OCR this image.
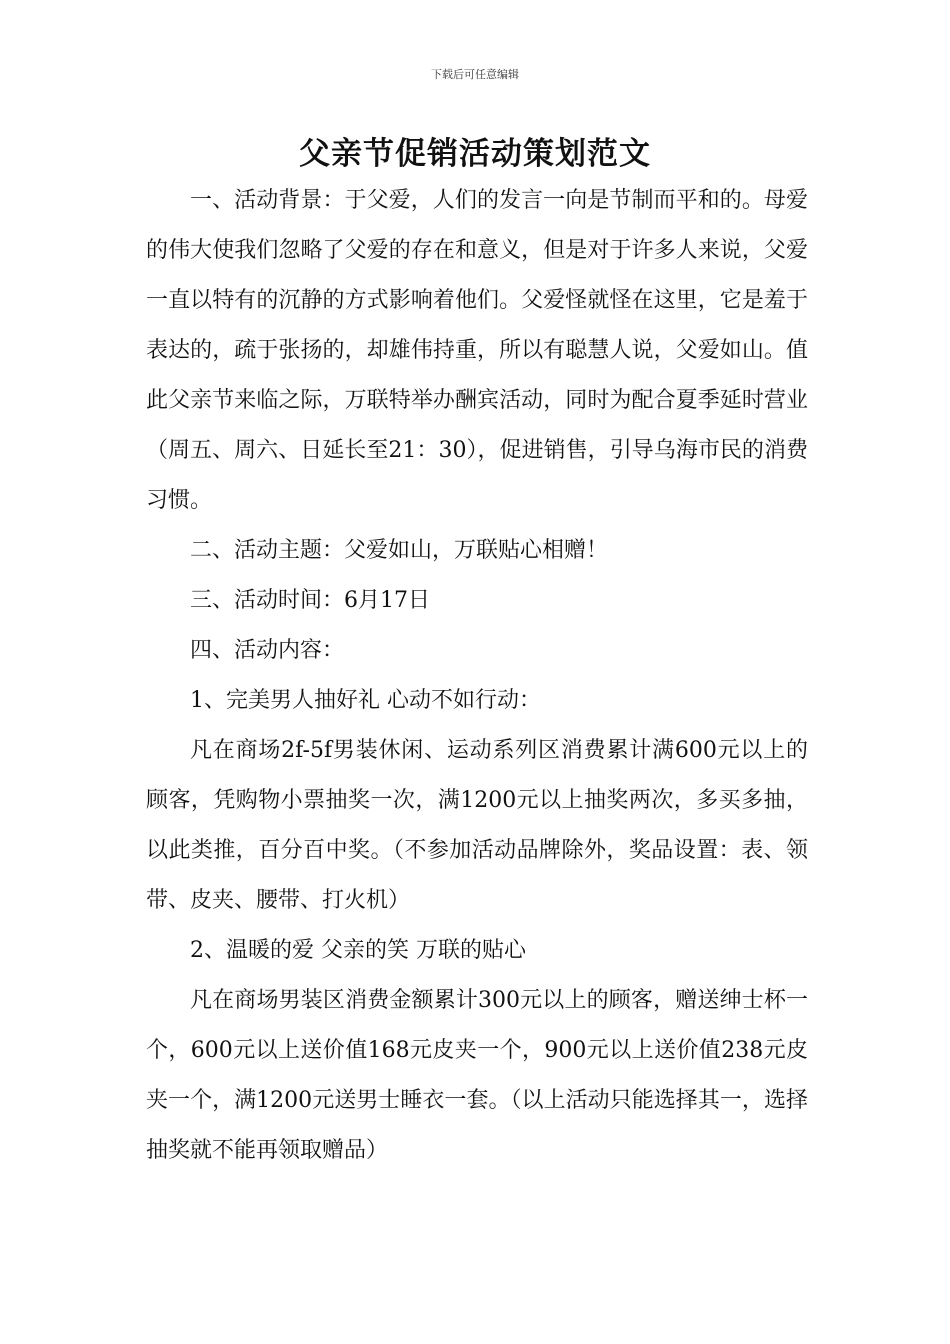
下载后可任意编辑
父亲节促销活动策划范文

一、活动背景：于父爱，人们的发言一向是节制而平和的。母爱的伟大使我们忽略了父爱的存在和意义，但是对于许多人来说，父爱一直以特有的沉静的方式影响着他们。父爱怪就怪在这里，它是羞于表达的，疏于张扬的，却雄伟持重，所以有聪慧人说，父爱如山。值此父亲节来临之际，万联特举办酬宾活动，同时为配合夏季延时营业（周五、周六、日延长至21：30），促进销售，引导乌海市民的消费习惯。

二、活动主题：父爱如山，万联贴心相赠！

三、活动时间：6月17日

四、活动内容：

1、完美男人抽好礼 心动不如行动：

凡在商场2f-5f男装休闲、运动系列区消费累计满600元以上的顾客，凭购物小票抽奖一次，满1200元以上抽奖两次，多买多抽，以此类推，百分百中奖。（不参加活动品牌除外，奖品设置：表、领带、皮夹、腰带、打火机）

2、温暖的爱 父亲的笑 万联的贴心

凡在商场男装区消费金额累计300元以上的顾客，赠送绅士杯一个，600元以上送价值168元皮夹一个，900元以上送价值238元皮夹一个，满1200元送男士睡衣一套。（以上活动只能选择其一，选择抽奖就不能再领取赠品）
